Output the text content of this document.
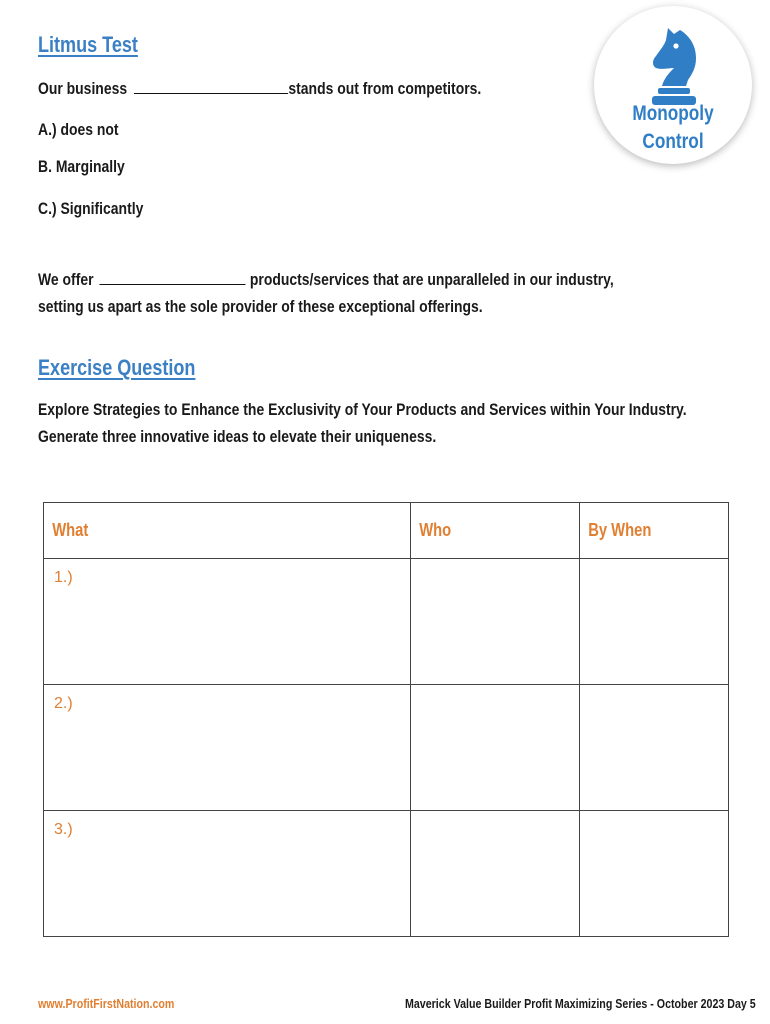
Litmus Test
Our business	stands out from competitors.
A.) does not
B. Marginally
C.) Significantly
We offer	products/services that are unparalleled in our industry,
setting us apart as the sole provider of these exceptional offerings.
Monopoly
Control
Exercise Question
Explore Strategies to Enhance the Exclusivity of Your Products and Services within Your Industry.
Generate three innovative ideas to elevate their uniqueness.
What	Who	By When

1.)		

2.)		

3.)		

www.ProfitFirstNation.com	Maverick Value Builder Profit Maximizing Series - October 2023 Day 5
